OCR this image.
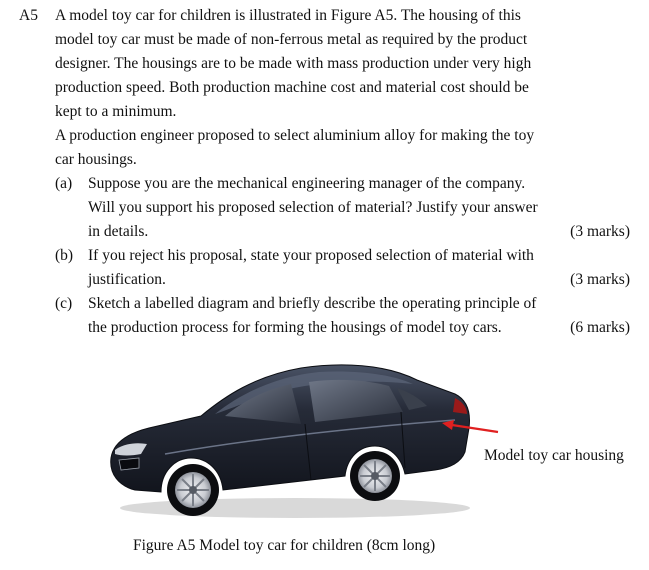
A5 A model toy car for children is illustrated in Figure A5. The housing of this
model toy car must be made of non-ferrous metal as required by the product
designer. The housings are to be made with mass production under very high
production speed. Both production machine cost and material cost should be
kept to a minimum.
A production engineer proposed to select aluminium alloy for making the toy
car housings.
(a) Suppose you are the mechanical engineering manager of the company.
Will you support his proposed selection of material? Justify your answer
in details.	(3 marks)
(b) If you reject his proposal, state your proposed selection of material with
justification.	(3 marks)
(c) Sketch a labelled diagram and briefly describe the operating principle of
the production process for forming the housings of model toy cars.	(6 marks)
Model toy car housing
Figure A5 Model toy car for children (8cm long)
